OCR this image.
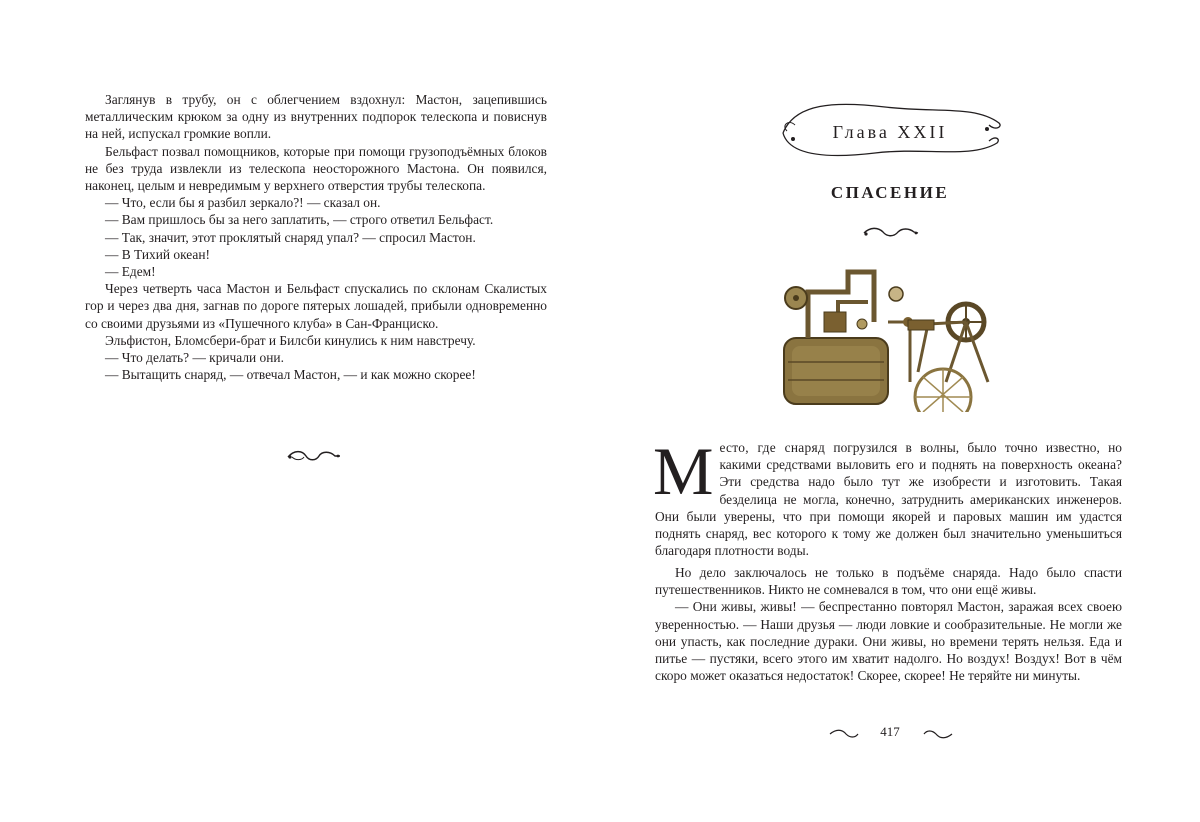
Заглянув в трубу, он с облегчением вздохнул: Мастон, зацепившись металлическим крюком за одну из внутренних подпорок телескопа и повиснув на ней, испускал громкие вопли.

Бельфаст позвал помощников, которые при помощи грузоподъёмных блоков не без труда извлекли из телескопа неосторожного Мастона. Он появился, наконец, целым и невредимым у верхнего отверстия трубы телескопа.

— Что, если бы я разбил зеркало?! — сказал он.

— Вам пришлось бы за него заплатить, — строго ответил Бельфаст.

— Так, значит, этот проклятый снаряд упал? — спросил Мастон.

— В Тихий океан!

— Едем!

Через четверть часа Мастон и Бельфаст спускались по склонам Скалистых гор и через два дня, загнав по дороге пятерых лошадей, прибыли одновременно со своими друзьями из «Пушечного клуба» в Сан-Франциско.

Эльфистон, Бломсбери-брат и Билсби кинулись к ним навстречу.

— Что делать? — кричали они.

— Вытащить снаряд, — отвечал Мастон, — и как можно скорее!

Глава XXII
СПАСЕНИЕ
Место, где снаряд погрузился в волны, было точно известно, но какими средствами выловить его и поднять на поверхность океана? Эти средства надо было тут же изобрести и изготовить. Такая безделица не могла, конечно, затруднить американских инженеров. Они были уверены, что при помощи якорей и паровых машин им удастся поднять снаряд, вес которого к тому же должен был значительно уменьшиться благодаря плотности воды.

Но дело заключалось не только в подъёме снаряда. Надо было спасти путешественников. Никто не сомневался в том, что они ещё живы.

— Они живы, живы! — беспрестанно повторял Мастон, заражая всех своею уверенностью. — Наши друзья — люди ловкие и сообразительные. Не могли же они упасть, как последние дураки. Они живы, но времени терять нельзя. Еда и питье — пустяки, всего этого им хватит надолго. Но воздух! Воздух! Вот в чём скоро может оказаться недостаток! Скорее, скорее! Не теряйте ни минуты.

417
